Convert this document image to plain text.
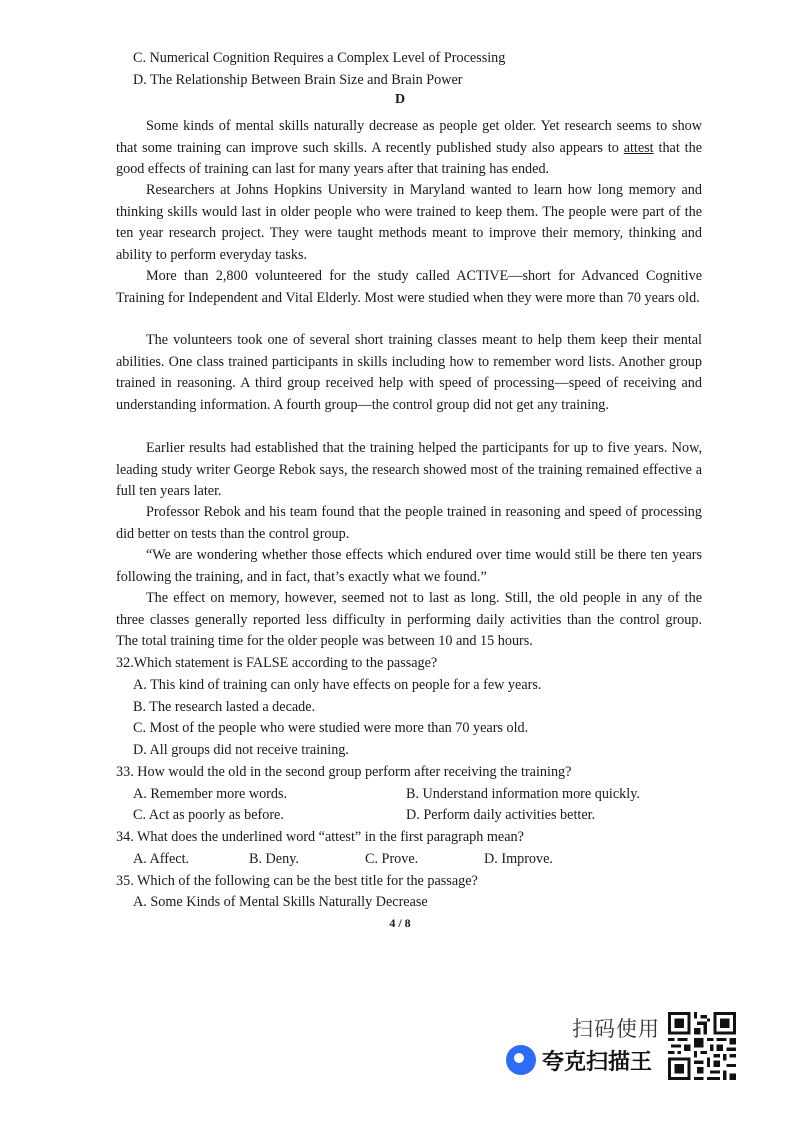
C. Numerical Cognition Requires a Complex Level of Processing
D. The Relationship Between Brain Size and Brain Power
D

Some kinds of mental skills naturally decrease as people get older. Yet research seems to show that some training can improve such skills. A recently published study also appears to attest that the good effects of training can last for many years after that training has ended.

Researchers at Johns Hopkins University in Maryland wanted to learn how long memory and thinking skills would last in older people who were trained to keep them. The people were part of the ten year research project. They were taught methods meant to improve their memory, thinking and ability to perform everyday tasks.

More than 2,800 volunteered for the study called ACTIVE—short for Advanced Cognitive Training for Independent and Vital Elderly. Most were studied when they were more than 70 years old.

The volunteers took one of several short training classes meant to help them keep their mental abilities. One class trained participants in skills including how to remember word lists. Another group trained in reasoning. A third group received help with speed of processing—speed of receiving and understanding information. A fourth group—the control group did not get any training.

Earlier results had established that the training helped the participants for up to five years. Now, leading study writer George Rebok says, the research showed most of the training remained effective a full ten years later.

Professor Rebok and his team found that the people trained in reasoning and speed of processing did better on tests than the control group.

“We are wondering whether those effects which endured over time would still be there ten years following the training, and in fact, that’s exactly what we found.”

The effect on memory, however, seemed not to last as long. Still, the old people in any of the three classes generally reported less difficulty in performing daily activities than the control group. The total training time for the older people was between 10 and 15 hours.

32.Which statement is FALSE according to the passage?
A. This kind of training can only have effects on people for a few years.
B. The research lasted a decade.
C. Most of the people who were studied were more than 70 years old.
D. All groups did not receive training.
33. How would the old in the second group perform after receiving the training?
A. Remember more words.	B. Understand information more quickly.
C. Act as poorly as before.	D. Perform daily activities better.
34. What does the underlined word “attest” in the first paragraph mean?
A. Affect.	B. Deny.	C. Prove.	D. Improve.
35. Which of the following can be the best title for the passage?
A. Some Kinds of Mental Skills Naturally Decrease
4 / 8
扫码使用
夸克扫描王
